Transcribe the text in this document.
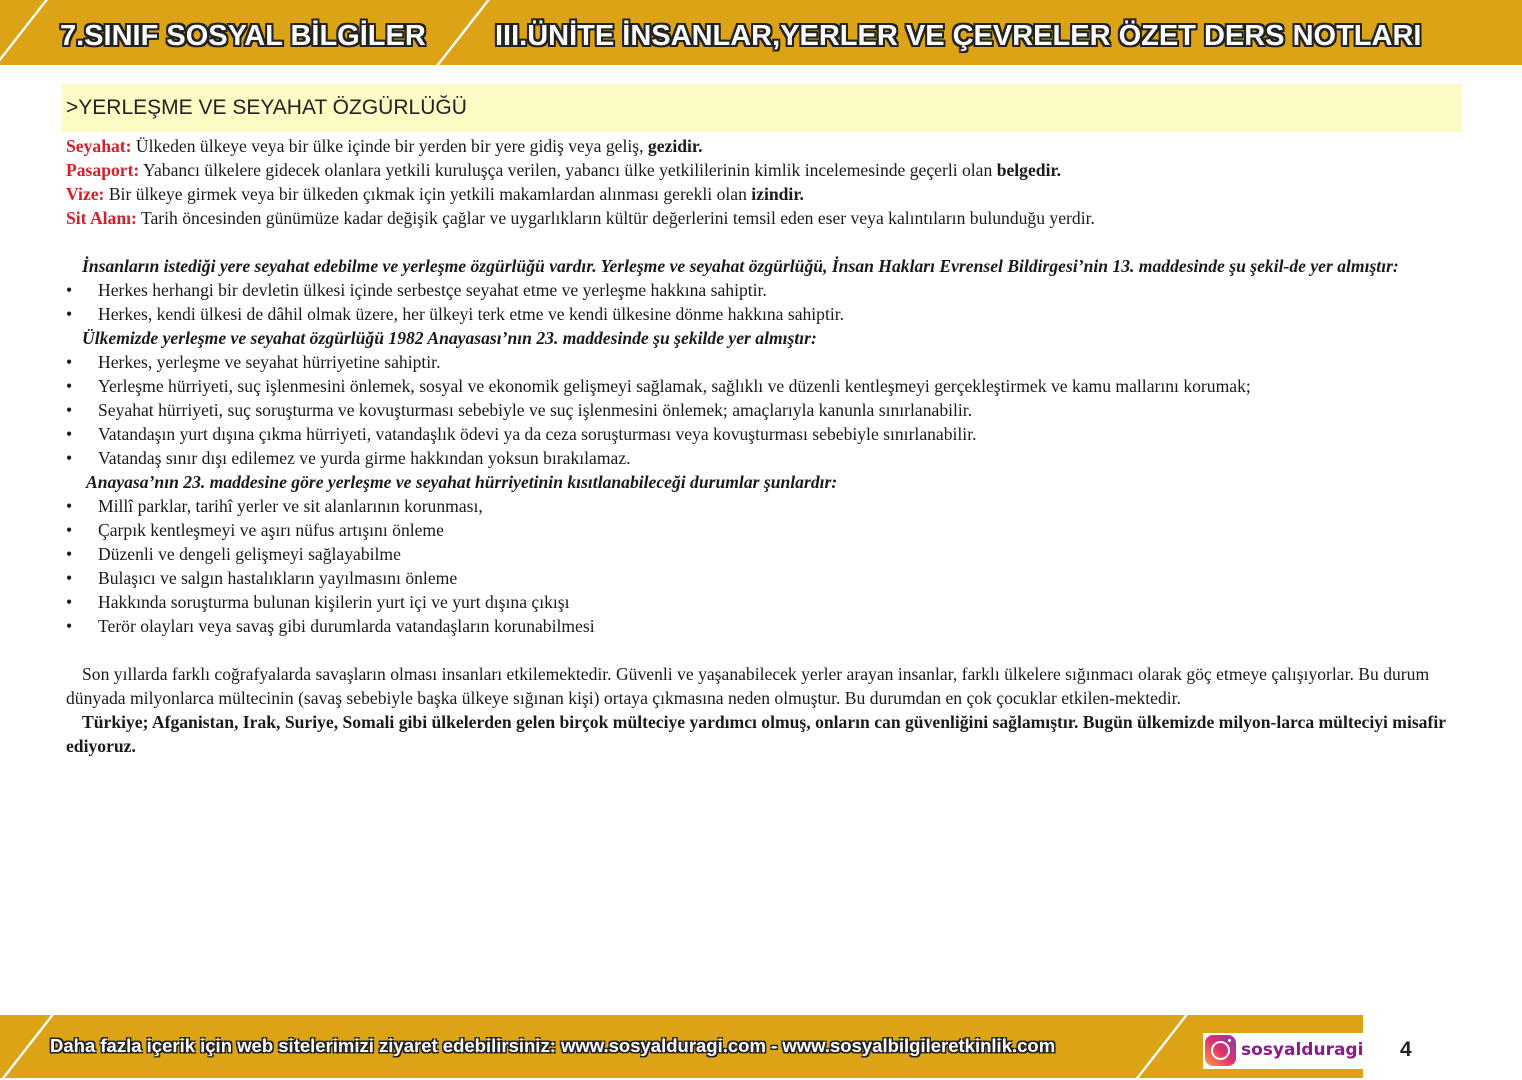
7.SINIF SOSYAL BİLGİLER III.ÜNİTE İNSANLAR,YERLER VE ÇEVRELER ÖZET DERS NOTLARI
>YERLEŞME VE SEYAHAT ÖZGÜRLÜĞÜ

Seyahat: Ülkeden ülkeye veya bir ülke içinde bir yerden bir yere gidiş veya geliş, gezidir.

Pasaport: Yabancı ülkelere gidecek olanlara yetkili kuruluşça verilen, yabancı ülke yetkililerinin kimlik incelemesinde geçerli olan belgedir.

Vize: Bir ülkeye girmek veya bir ülkeden çıkmak için yetkili makamlardan alınması gerekli olan izindir.

Sit Alanı: Tarih öncesinden günümüze kadar değişik çağlar ve uygarlıkların kültür değerlerini temsil eden eser veya kalıntıların bulunduğu yerdir.

İnsanların istediği yere seyahat edebilme ve yerleşme özgürlüğü vardır. Yerleşme ve seyahat özgürlüğü, İnsan Hakları Evrensel Bildirgesi’nin 13. maddesinde şu şekil-de yer almıştır:

• Herkes herhangi bir devletin ülkesi içinde serbestçe seyahat etme ve yerleşme hakkına sahiptir.
• Herkes, kendi ülkesi de dâhil olmak üzere, her ülkeyi terk etme ve kendi ülkesine dönme hakkına sahiptir.

Ülkemizde yerleşme ve seyahat özgürlüğü 1982 Anayasası’nın 23. maddesinde şu şekilde yer almıştır:

• Herkes, yerleşme ve seyahat hürriyetine sahiptir.
• Yerleşme hürriyeti, suç işlenmesini önlemek, sosyal ve ekonomik gelişmeyi sağlamak, sağlıklı ve düzenli kentleşmeyi gerçekleştirmek ve kamu mallarını korumak;
• Seyahat hürriyeti, suç soruşturma ve kovuşturması sebebiyle ve suç işlenmesini önlemek; amaçlarıyla kanunla sınırlanabilir.
• Vatandaşın yurt dışına çıkma hürriyeti, vatandaşlık ödevi ya da ceza soruşturması veya kovuşturması sebebiyle sınırlanabilir.
• Vatandaş sınır dışı edilemez ve yurda girme hakkından yoksun bırakılamaz.

Anayasa’nın 23. maddesine göre yerleşme ve seyahat hürriyetinin kısıtlanabileceği durumlar şunlardır:

• Millî parklar, tarihî yerler ve sit alanlarının korunması,
• Çarpık kentleşmeyi ve aşırı nüfus artışını önleme
• Düzenli ve dengeli gelişmeyi sağlayabilme
• Bulaşıcı ve salgın hastalıkların yayılmasını önleme
• Hakkında soruşturma bulunan kişilerin yurt içi ve yurt dışına çıkışı
• Terör olayları veya savaş gibi durumlarda vatandaşların korunabilmesi

Son yıllarda farklı coğrafyalarda savaşların olması insanları etkilemektedir. Güvenli ve yaşanabilecek yerler arayan insanlar, farklı ülkelere sığınmacı olarak göç etmeye çalışıyorlar. Bu durum dünyada milyonlarca mültecinin (savaş sebebiyle başka ülkeye sığınan kişi) ortaya çıkmasına neden olmuştur. Bu durumdan en çok çocuklar etkilen-mektedir.

Türkiye; Afganistan, Irak, Suriye, Somali gibi ülkelerden gelen birçok mülteciye yardımcı olmuş, onların can güvenliğini sağlamıştır. Bugün ülkemizde milyon-larca mülteciyi misafir ediyoruz.

Daha fazla içerik için web sitelerimizi ziyaret edebilirsiniz: www.sosyalduragi.com - www.sosyalbilgileretkinlik.com	sosyalduragi 4
